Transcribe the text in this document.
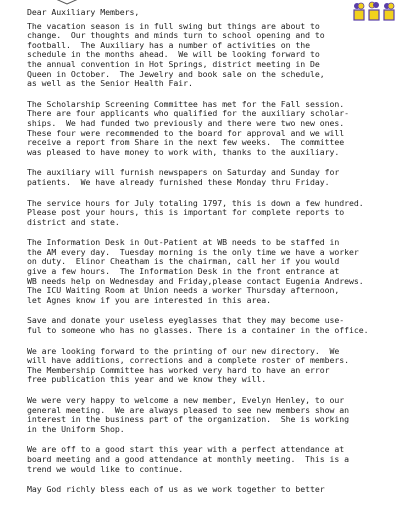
Dear Auxiliary Members,
The vacation season is in full swing but things are about to
change.  Our thoughts and minds turn to school opening and to
football.  The Auxiliary has a number of activities on the
schedule in the months ahead.  We will be looking forward to
the annual convention in Hot Springs, district meeting in De
Queen in October.  The Jewelry and book sale on the schedule,
as well as the Senior Health Fair.
The Scholarship Screening Committee has met for the Fall session.
There are four applicants who qualified for the auxiliary scholar-
ships.  We had funded two previously and there were two new ones.
These four were recommended to the board for approval and we will
receive a report from Share in the next few weeks.  The committee
was pleased to have money to work with, thanks to the auxiliary.
The auxiliary will furnish newspapers on Saturday and Sunday for
patients.  We have already furnished these Monday thru Friday.
The service hours for July totaling 1797, this is down a few hundred.
Please post your hours, this is important for complete reports to
district and state.
The Information Desk in Out-Patient at WB needs to be staffed in
the AM every day.  Tuesday morning is the only time we have a worker
on duty.  Elinor Cheatham is the chairman, call her if you would
give a few hours.  The Information Desk in the front entrance at
WB needs help on Wednesday and Friday,please contact Eugenia Andrews.
The ICU Waiting Room at Union needs a worker Thursday afternoon,
let Agnes know if you are interested in this area.
Save and donate your useless eyeglasses that they may become use-
ful to someone who has no glasses. There is a container in the office.
We are looking forward to the printing of our new directory.  We
will have additions, corrections and a complete roster of members.
The Membership Committee has worked very hard to have an error
free publication this year and we know they will.
We were very happy to welcome a new member, Evelyn Henley, to our
general meeting.  We are always pleased to see new members show an
interest in the business part of the organization.  She is working
in the Uniform Shop.
We are off to a good start this year with a perfect attendance at
board meeting and a good attendance at monthly meeting.  This is a
trend we would like to continue.
May God richly bless each of us as we work together to better
